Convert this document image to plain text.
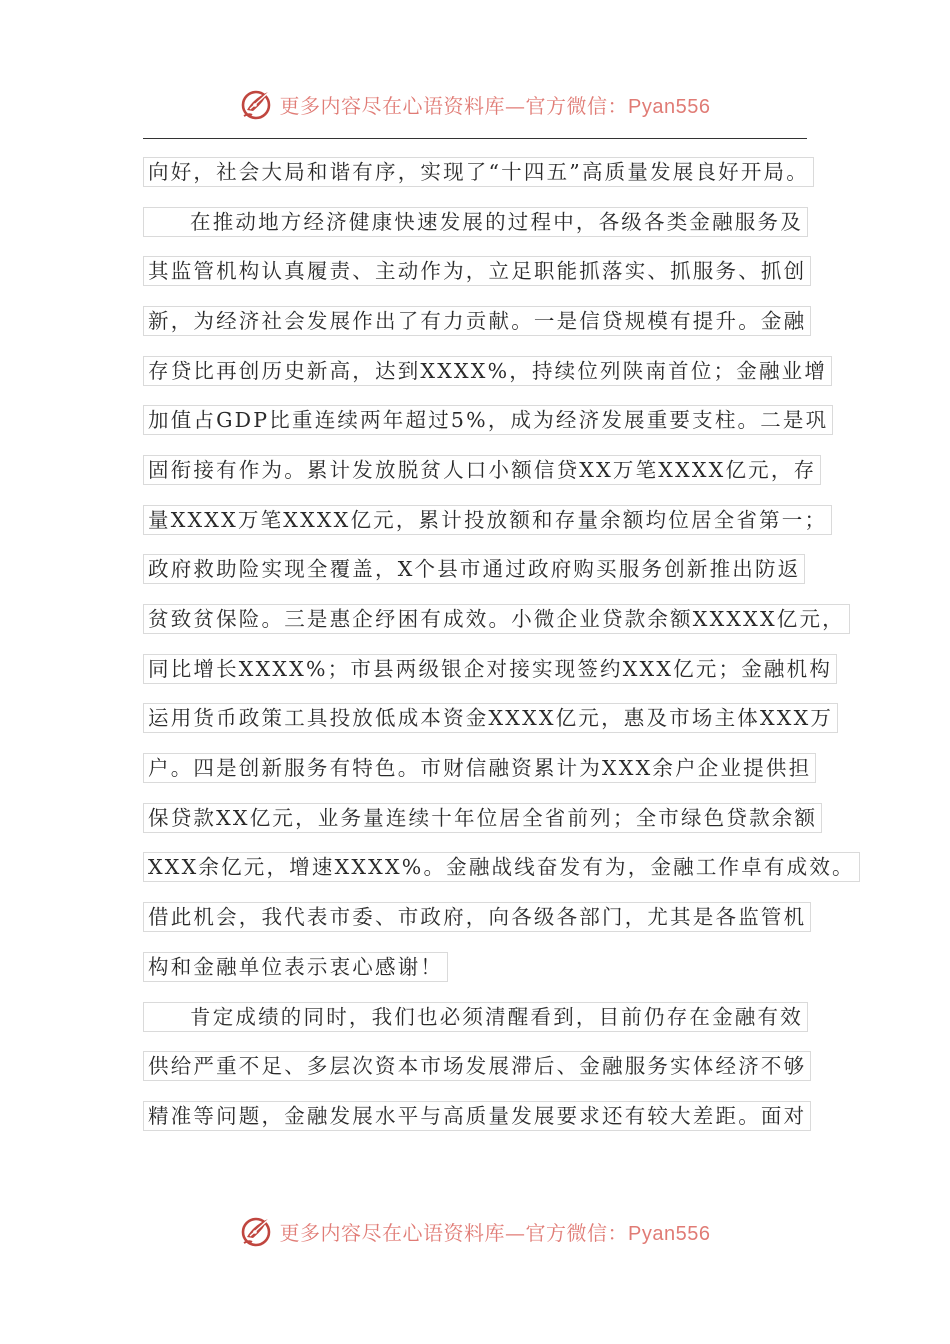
更多内容尽在心语资料库—官方微信：Pyan556
向好，社会大局和谐有序，实现了“十四五”高质量发展良好开局。
在推动地方经济健康快速发展的过程中，各级各类金融服务及
其监管机构认真履责、主动作为，立足职能抓落实、抓服务、抓创
新，为经济社会发展作出了有力贡献。一是信贷规模有提升。金融
存贷比再创历史新高，达到XXXX%，持续位列陕南首位；金融业增
加值占GDP比重连续两年超过5%，成为经济发展重要支柱。二是巩
固衔接有作为。累计发放脱贫人口小额信贷XX万笔XXXX亿元，存
量XXXX万笔XXXX亿元，累计投放额和存量余额均位居全省第一；
政府救助险实现全覆盖，X个县市通过政府购买服务创新推出防返
贫致贫保险。三是惠企纾困有成效。小微企业贷款余额XXXXX亿元，
同比增长XXXX%；市县两级银企对接实现签约XXX亿元；金融机构
运用货币政策工具投放低成本资金XXXX亿元，惠及市场主体XXX万
户。四是创新服务有特色。市财信融资累计为XXX余户企业提供担
保贷款XX亿元，业务量连续十年位居全省前列；全市绿色贷款余额
XXX余亿元，增速XXXX%。金融战线奋发有为，金融工作卓有成效。
借此机会，我代表市委、市政府，向各级各部门，尤其是各监管机
构和金融单位表示衷心感谢！
肯定成绩的同时，我们也必须清醒看到，目前仍存在金融有效
供给严重不足、多层次资本市场发展滞后、金融服务实体经济不够
精准等问题，金融发展水平与高质量发展要求还有较大差距。面对
更多内容尽在心语资料库—官方微信：Pyan556
